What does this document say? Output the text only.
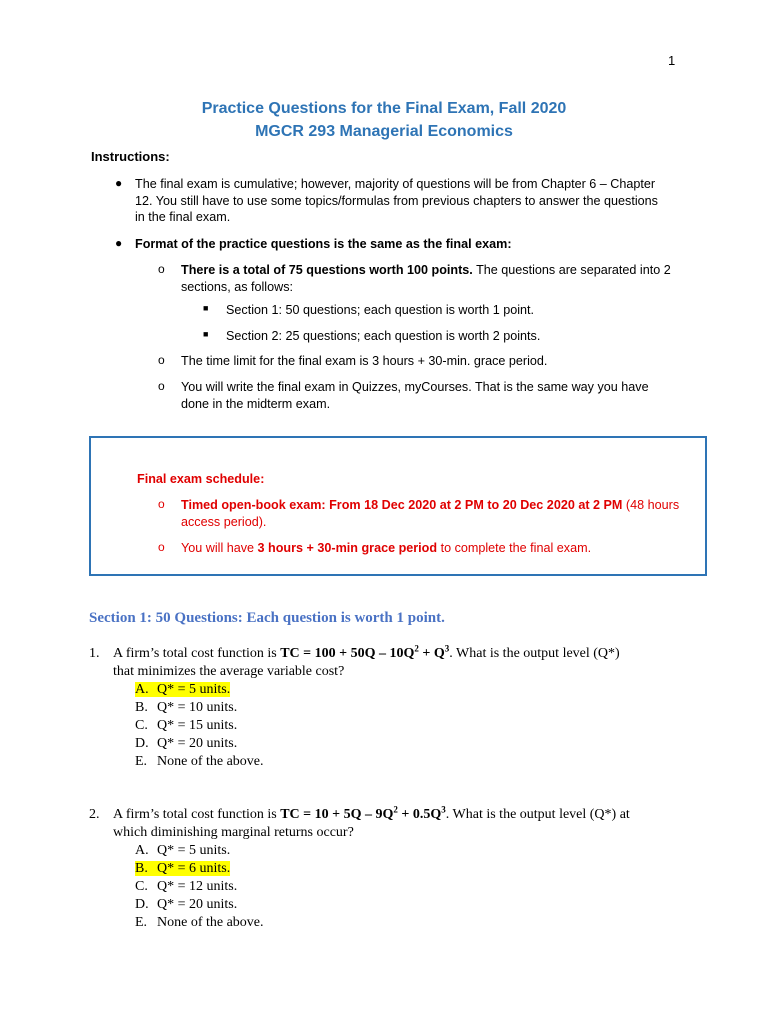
1
Practice Questions for the Final Exam, Fall 2020
MGCR 293 Managerial Economics
Instructions:
● The final exam is cumulative; however, majority of questions will be from Chapter 6 – Chapter
12. You still have to use some topics/formulas from previous chapters to answer the questions
in the final exam.
● Format of the practice questions is the same as the final exam:
o There is a total of 75 questions worth 100 points. The questions are separated into 2
sections, as follows:
■ Section 1: 50 questions; each question is worth 1 point.
■ Section 2: 25 questions; each question is worth 2 points.
o The time limit for the final exam is 3 hours + 30-min. grace period.
o You will write the final exam in Quizzes, myCourses. That is the same way you have
done in the midterm exam.
Final exam schedule:
o Timed open-book exam: From 18 Dec 2020 at 2 PM to 20 Dec 2020 at 2 PM (48 hours
access period).
o You will have 3 hours + 30-min grace period to complete the final exam.
Section 1: 50 Questions: Each question is worth 1 point.
1. A firm’s total cost function is TC = $100 + 50Q - 10Q^2 + Q^3$. What is the output level (Q*)
that minimizes the average variable cost?
A. Q* = 5 units.
B. Q* = 10 units.
C. Q* = 15 units.
D. Q* = 20 units.
E. None of the above.
2. A firm’s total cost function is TC = $10 + 5Q - 9Q^2 + 0.5Q^3$. What is the output level (Q*) at
which diminishing marginal returns occur?
A. Q* = 5 units.
B. Q* = 6 units.
C. Q* = 12 units.
D. Q* = 20 units.
E. None of the above.
